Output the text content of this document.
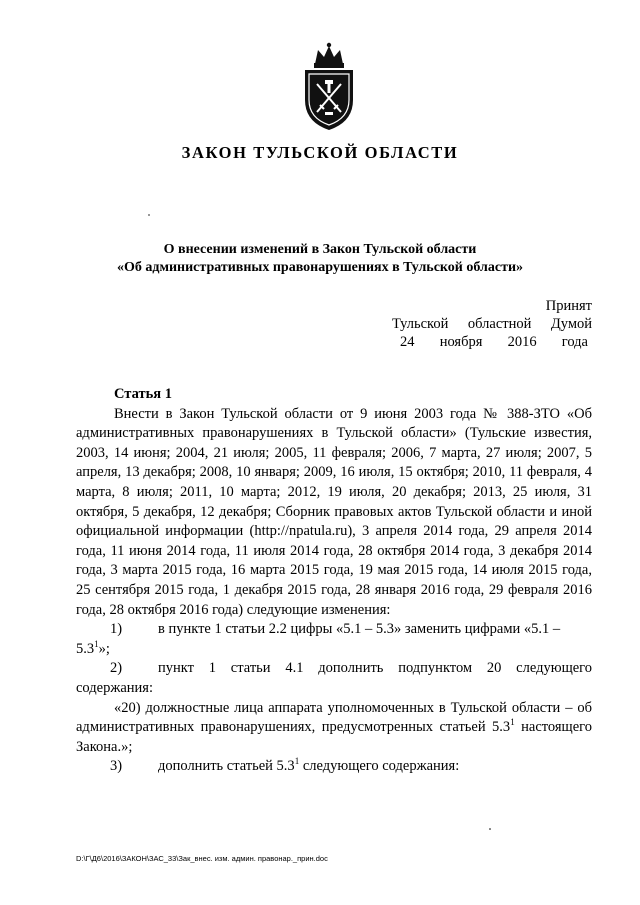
ЗАКОН ТУЛЬСКОЙ ОБЛАСТИ
О внесении изменений в Закон Тульской области
«Об административных правонарушениях в Тульской области»
Принят
Тульской областной Думой
24 ноября 2016 года

Статья 1

Внести в Закон Тульской области от 9 июня 2003 года № 388-ЗТО «Об административных правонарушениях в Тульской области» (Тульские известия, 2003, 14 июня; 2004, 21 июля; 2005, 11 февраля; 2006, 7 марта, 27 июля; 2007, 5 апреля, 13 декабря; 2008, 10 января; 2009, 16 июля, 15 октября; 2010, 11 февраля, 4 марта, 8 июля; 2011, 10 марта; 2012, 19 июля, 20 декабря; 2013, 25 июля, 31 октября, 5 декабря, 12 декабря; Сборник правовых актов Тульской области и иной официальной информации (http://npatula.ru), 3 апреля 2014 года, 29 апреля 2014 года, 11 июня 2014 года, 11 июля 2014 года, 28 октября 2014 года, 3 декабря 2014 года, 3 марта 2015 года, 16 марта 2015 года, 19 мая 2015 года, 14 июля 2015 года, 25 сентября 2015 года, 1 декабря 2015 года, 28 января 2016 года, 29 февраля 2016 года, 28 октября 2016 года) следующие изменения:

1)	в пункте 1 статьи 2.2 цифры «5.1 – 5.3» заменить цифрами «5.1 –

$5.3^1$»;

2)	пункт 1 статьи 4.1 дополнить подпунктом 20 следующего

содержания:

«20) должностные лица аппарата уполномоченных в Тульской области – об административных правонарушениях, предусмотренных статьей $5.3^1$ настоящего Закона.»;

3)	дополнить статьей $5.3^1$ следующего содержания:
D:\Г\Д6\2016\ЗАКОН\ЗАС_33\Зак_внес. изм. админ. правонар._прин.doc
